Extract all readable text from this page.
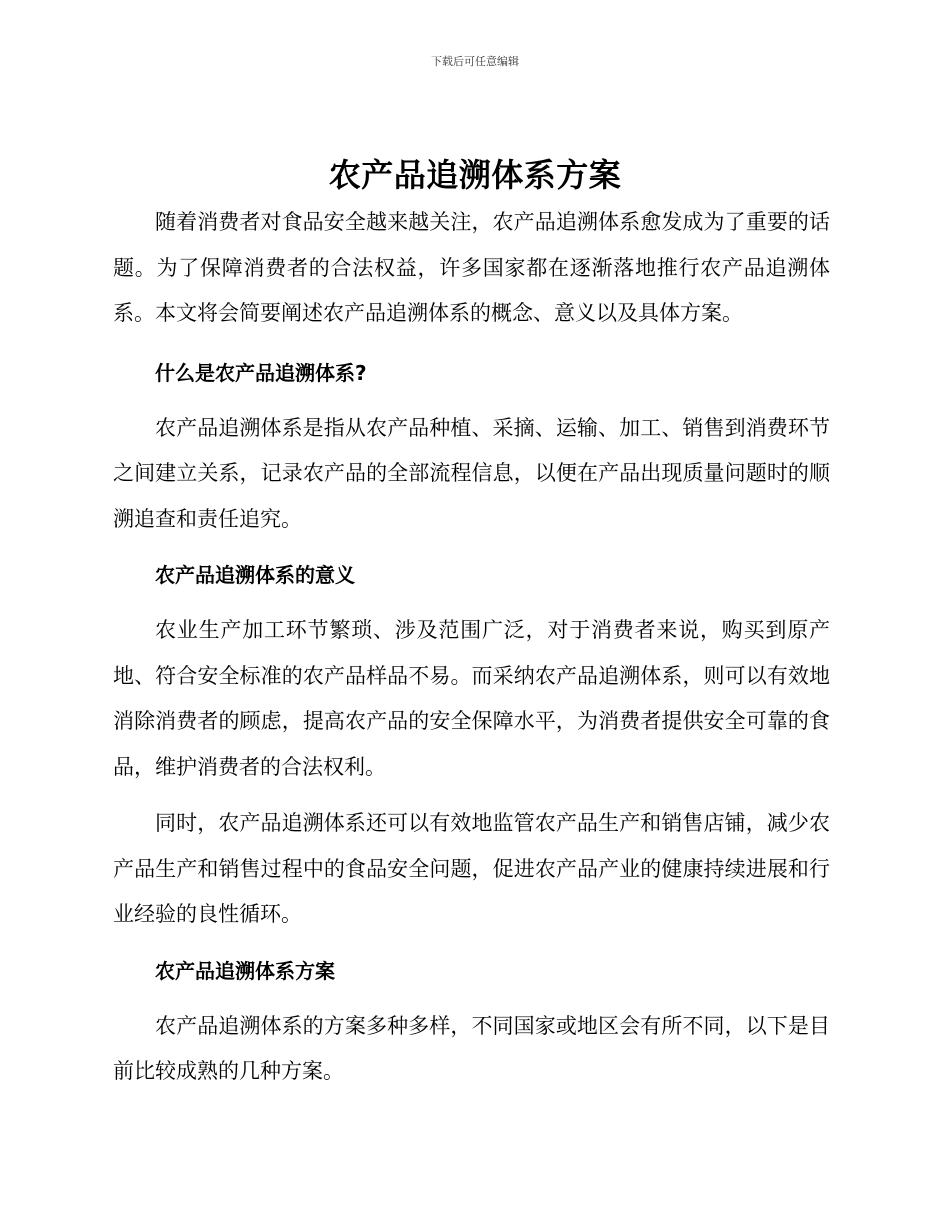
下载后可任意编辑
农产品追溯体系方案

随着消费者对食品安全越来越关注，农产品追溯体系愈发成为了重要的话题。为了保障消费者的合法权益，许多国家都在逐渐落地推行农产品追溯体系。本文将会简要阐述农产品追溯体系的概念、意义以及具体方案。

什么是农产品追溯体系?

农产品追溯体系是指从农产品种植、采摘、运输、加工、销售到消费环节之间建立关系，记录农产品的全部流程信息，以便在产品出现质量问题时的顺溯追查和责任追究。

农产品追溯体系的意义

农业生产加工环节繁琐、涉及范围广泛，对于消费者来说，购买到原产地、符合安全标准的农产品样品不易。而采纳农产品追溯体系，则可以有效地消除消费者的顾虑，提高农产品的安全保障水平，为消费者提供安全可靠的食品，维护消费者的合法权利。

同时，农产品追溯体系还可以有效地监管农产品生产和销售店铺，减少农产品生产和销售过程中的食品安全问题，促进农产品产业的健康持续进展和行业经验的良性循环。

农产品追溯体系方案

农产品追溯体系的方案多种多样，不同国家或地区会有所不同，以下是目前比较成熟的几种方案。
